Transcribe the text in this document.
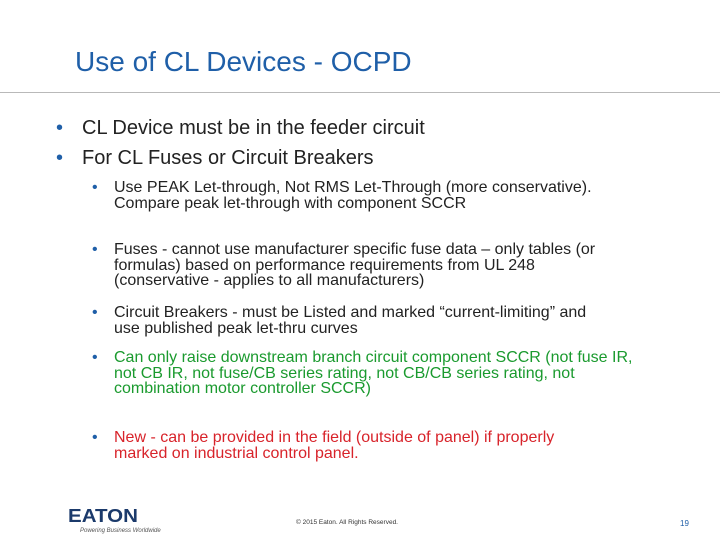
Use of CL Devices - OCPD
• CL Device must be in the feeder circuit
• For CL Fuses or Circuit Breakers
• Use PEAK Let-through, Not RMS Let-Through (more conservative). Compare peak let-through with component SCCR
• Fuses - cannot use manufacturer specific fuse data – only tables (or formulas) based on performance requirements from UL 248 (conservative - applies to all manufacturers)
• Circuit Breakers - must be Listed and marked “current-limiting” and use published peak let-thru curves
• Can only raise downstream branch circuit component SCCR (not fuse IR, not CB IR, not fuse/CB series rating, not CB/CB series rating, not combination motor controller SCCR)
• New - can be provided in the field (outside of panel) if properly marked on industrial control panel.
EATON
Powering Business Worldwide
© 2015 Eaton. All Rights Reserved.	19
